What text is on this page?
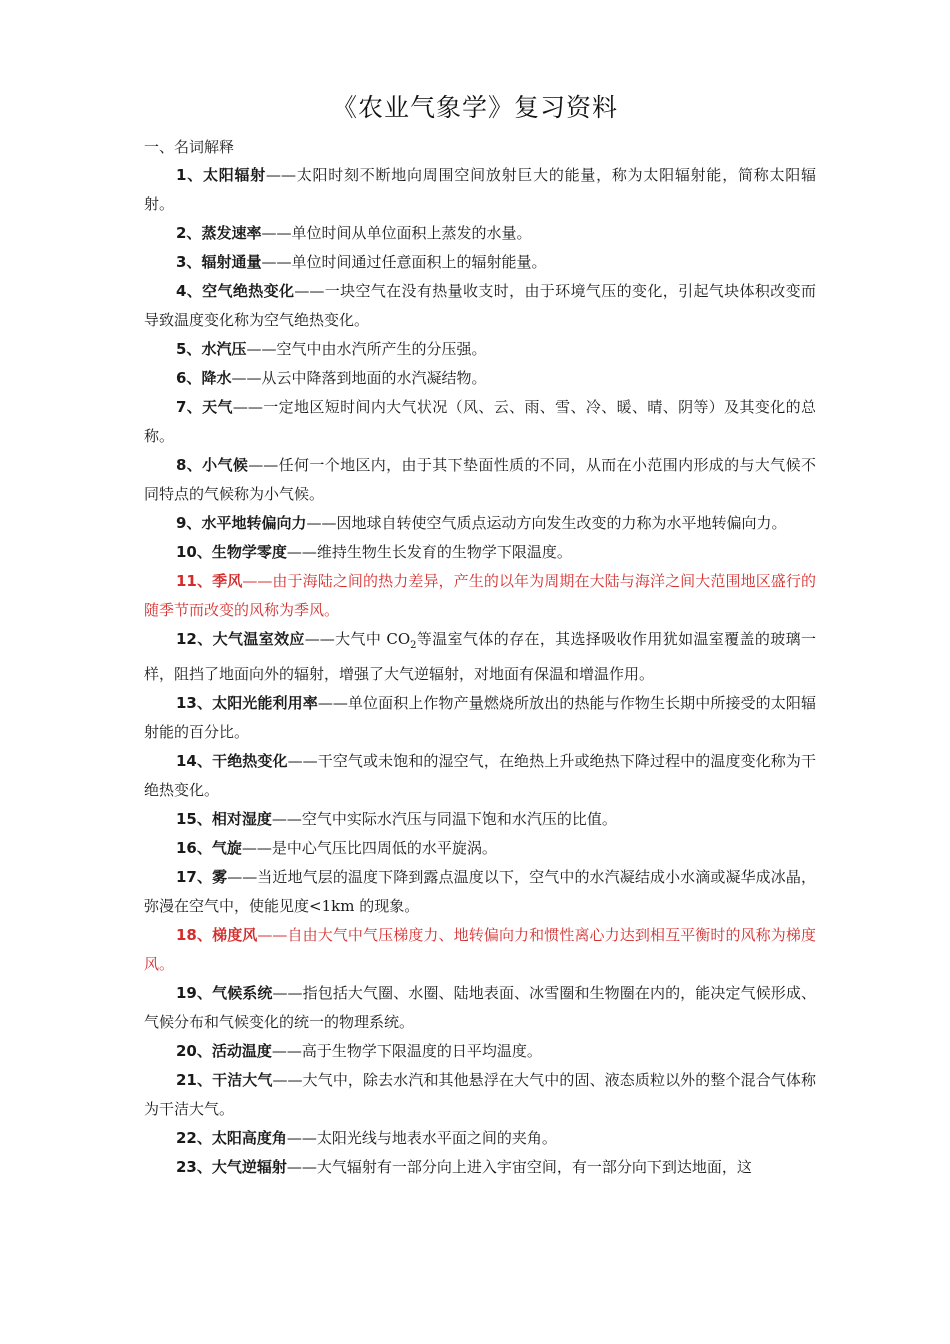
《农业气象学》复习资料
一、名词解释

1、太阳辐射——太阳时刻不断地向周围空间放射巨大的能量，称为太阳辐射能，简称太阳辐射。

2、蒸发速率——单位时间从单位面积上蒸发的水量。

3、辐射通量——单位时间通过任意面积上的辐射能量。

4、空气绝热变化——一块空气在没有热量收支时，由于环境气压的变化，引起气块体积改变而导致温度变化称为空气绝热变化。

5、水汽压——空气中由水汽所产生的分压强。

6、降水——从云中降落到地面的水汽凝结物。

7、天气——一定地区短时间内大气状况（风、云、雨、雪、冷、暖、晴、阴等）及其变化的总称。

8、小气候——任何一个地区内，由于其下垫面性质的不同，从而在小范围内形成的与大气候不同特点的气候称为小气候。

9、水平地转偏向力——因地球自转使空气质点运动方向发生改变的力称为水平地转偏向力。

10、生物学零度——维持生物生长发育的生物学下限温度。

11、季风——由于海陆之间的热力差异，产生的以年为周期在大陆与海洋之间大范围地区盛行的随季节而改变的风称为季风。

12、大气温室效应——大气中 $CO_2$等温室气体的存在，其选择吸收作用犹如温室覆盖的玻璃一样，阻挡了地面向外的辐射，增强了大气逆辐射，对地面有保温和增温作用。

13、太阳光能利用率——单位面积上作物产量燃烧所放出的热能与作物生长期中所接受的太阳辐射能的百分比。

14、干绝热变化——干空气或未饱和的湿空气，在绝热上升或绝热下降过程中的温度变化称为干绝热变化。

15、相对湿度——空气中实际水汽压与同温下饱和水汽压的比值。

16、气旋——是中心气压比四周低的水平旋涡。

17、雾——当近地气层的温度下降到露点温度以下，空气中的水汽凝结成小水滴或凝华成冰晶，弥漫在空气中，使能见度<1km 的现象。

18、梯度风——自由大气中气压梯度力、地转偏向力和惯性离心力达到相互平衡时的风称为梯度风。

19、气候系统——指包括大气圈、水圈、陆地表面、冰雪圈和生物圈在内的，能决定气候形成、气候分布和气候变化的统一的物理系统。

20、活动温度——高于生物学下限温度的日平均温度。

21、干洁大气——大气中，除去水汽和其他悬浮在大气中的固、液态质粒以外的整个混合气体称为干洁大气。

22、太阳高度角——太阳光线与地表水平面之间的夹角。

23、大气逆辐射——大气辐射有一部分向上进入宇宙空间，有一部分向下到达地面，这
